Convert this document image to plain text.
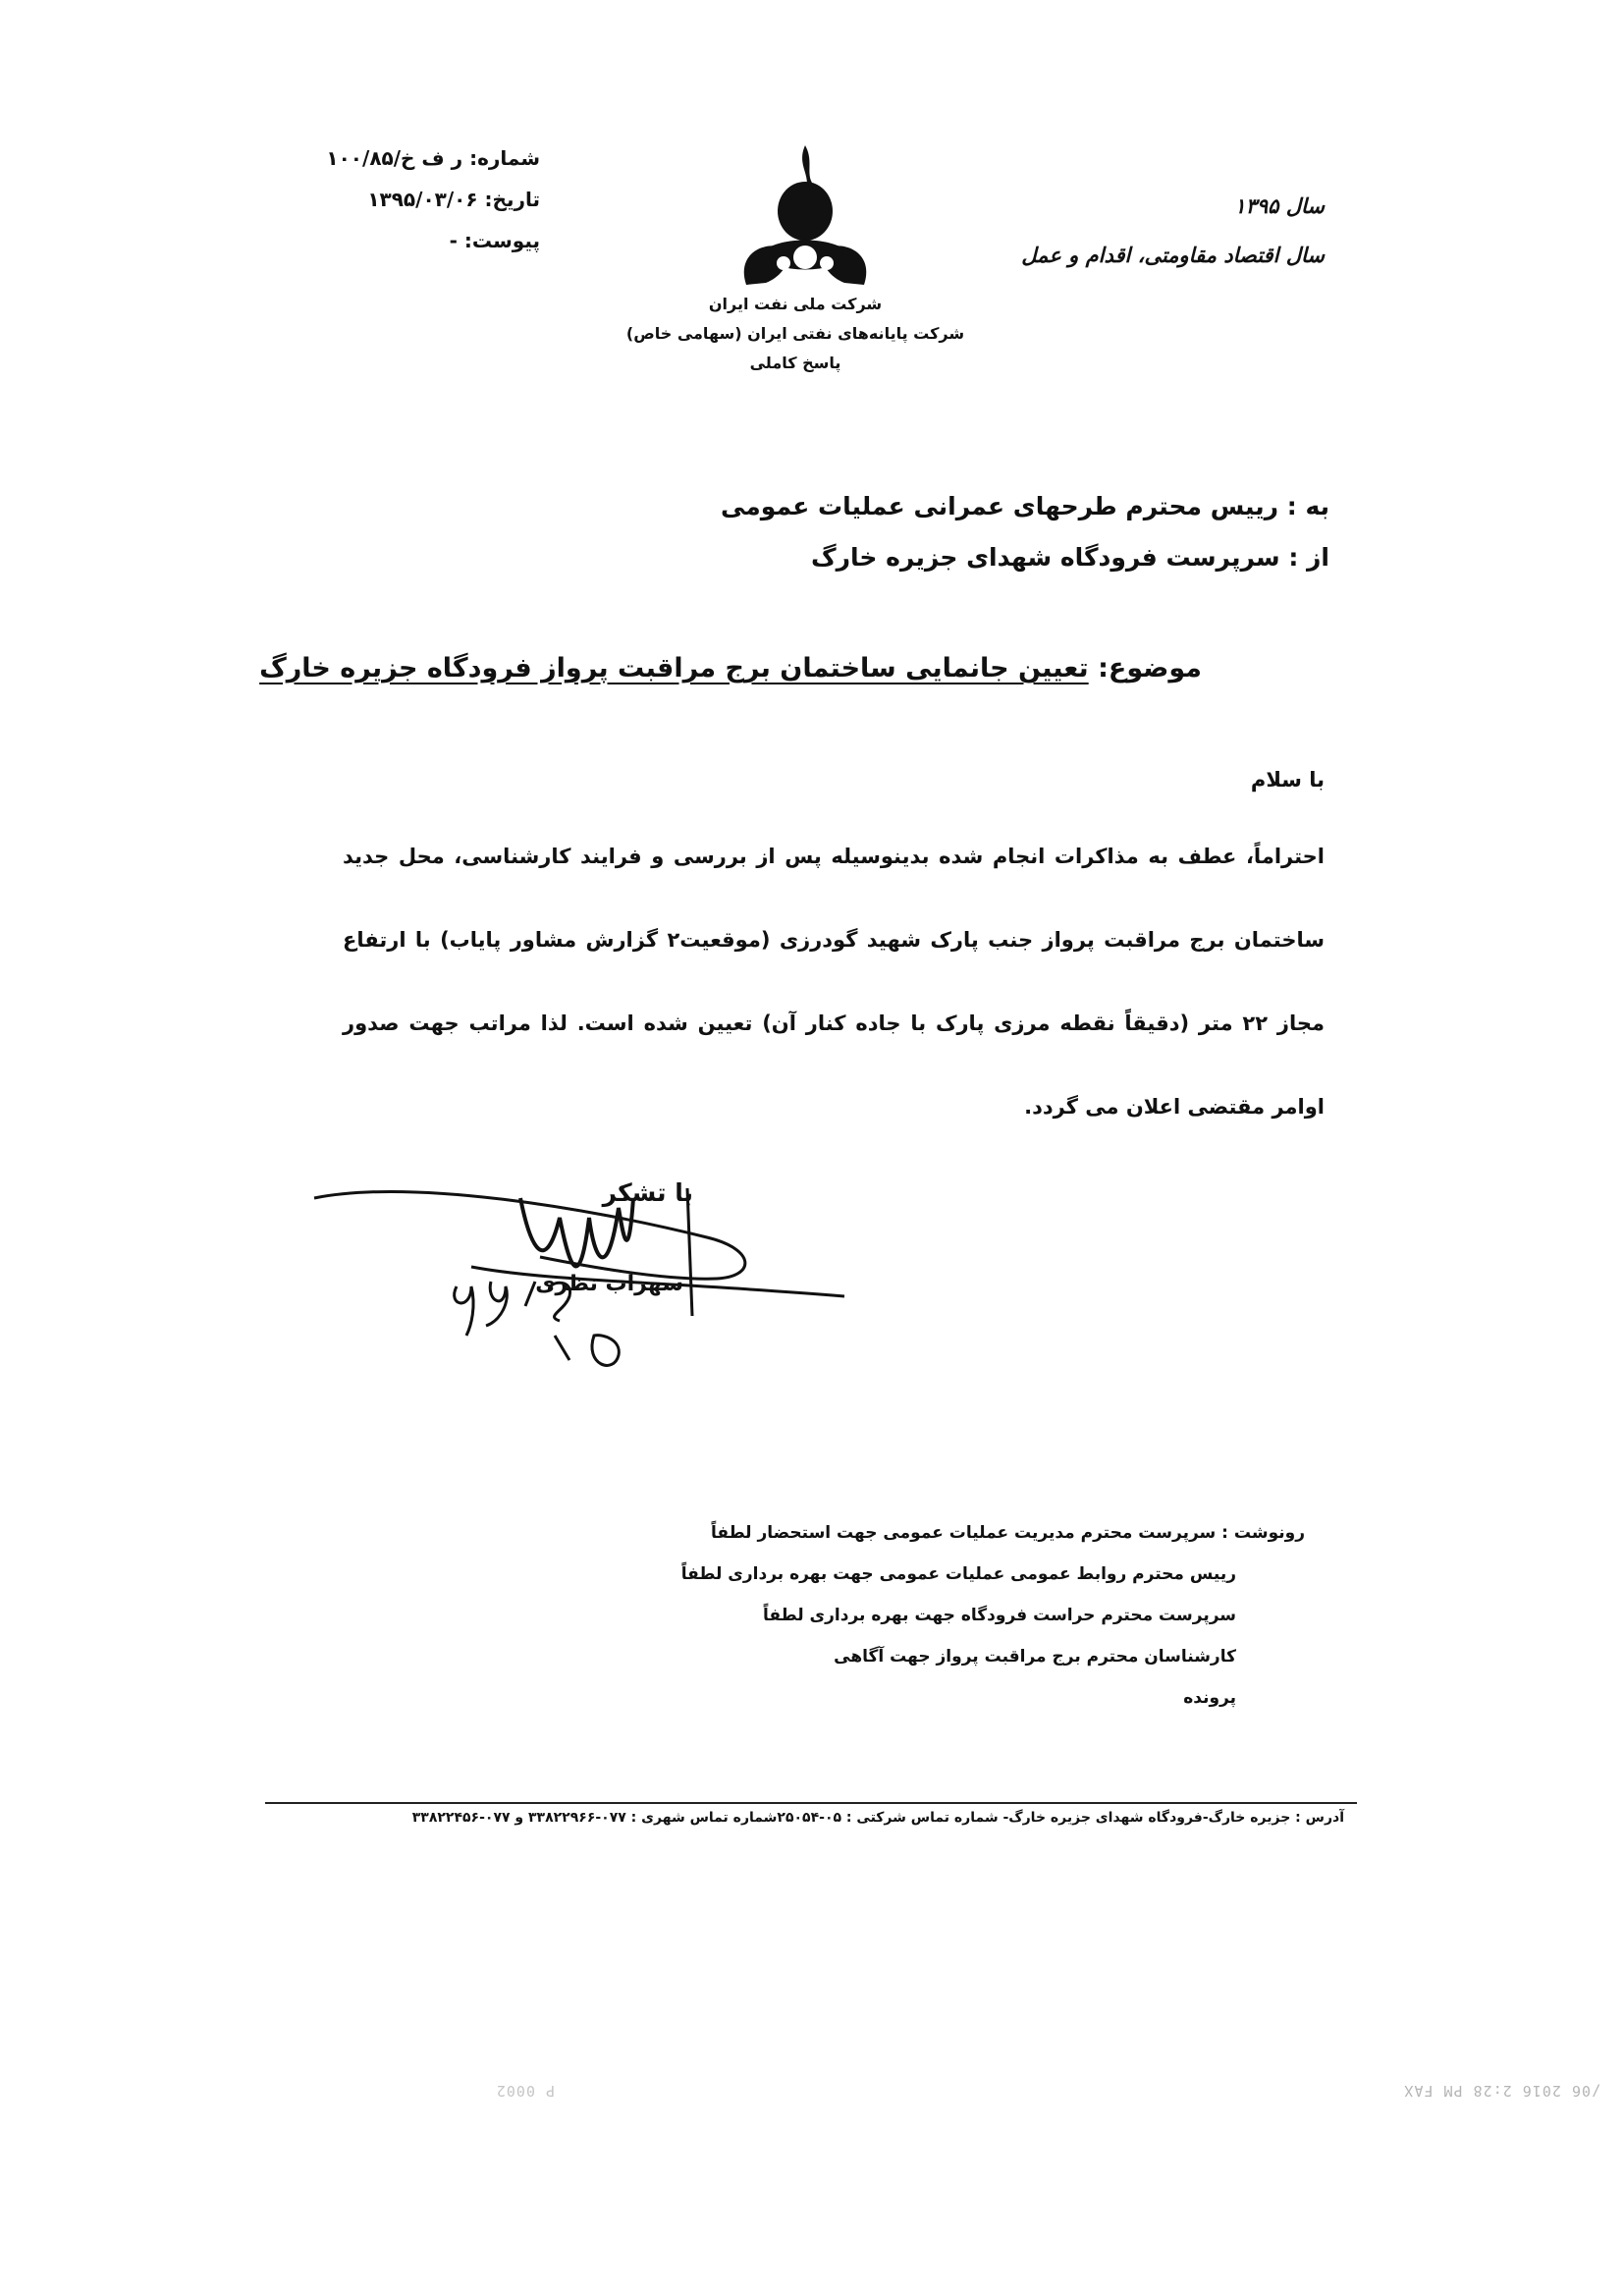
شماره: ر ف خ/۱۰۰/۸۵
تاریخ: ۱۳۹۵/۰۳/۰۶
پیوست: -
شرکت ملی نفت ایران
شرکت پایانه‌های نفتی ایران (سهامی خاص)
پاسخ کاملی
سال ۱۳۹۵
سال اقتصاد مقاومتی، اقدام و عمل
به : رییس محترم طرحهای عمرانی عملیات عمومی
از : سرپرست فرودگاه شهدای جزیره خارگ
موضوع: تعیین جانمایی ساختمان برج مراقبت پرواز فرودگاه جزیره خارگ
با سلام
احتراماً، عطف به مذاکرات انجام شده بدینوسیله پس از بررسی و فرایند کارشناسی، محل جدید ساختمان برج مراقبت پرواز جنب پارک شهید گودرزی (موقعیت۲ گزارش مشاور پایاب) با ارتفاع مجاز ۲۲ متر (دقیقاً نقطه مرزی پارک با جاده کنار آن) تعیین شده است. لذا مراتب جهت صدور اوامر مقتضی اعلان می گردد.
با تشکر
سهراب نظری
رونوشت : سرپرست محترم مدیریت عملیات عمومی جهت استحضار لطفاً
رییس محترم روابط عمومی عملیات عمومی جهت بهره برداری لطفاً
سرپرست محترم حراست فرودگاه جهت بهره برداری لطفاً
کارشناسان محترم برج مراقبت پرواز جهت آگاهی
پرونده
آدرس : جزیره خارگ-فرودگاه شهدای جزیره خارگ- شماره تماس شرکتی : ۰۵-۲۵۰۵۴شماره تماس شهری : ۰۷۷-۳۳۸۲۲۹۶۶ و ۰۷۷-۳۳۸۲۲۴۵۶
P 0002	/06 2016 2:28 PM FAX
